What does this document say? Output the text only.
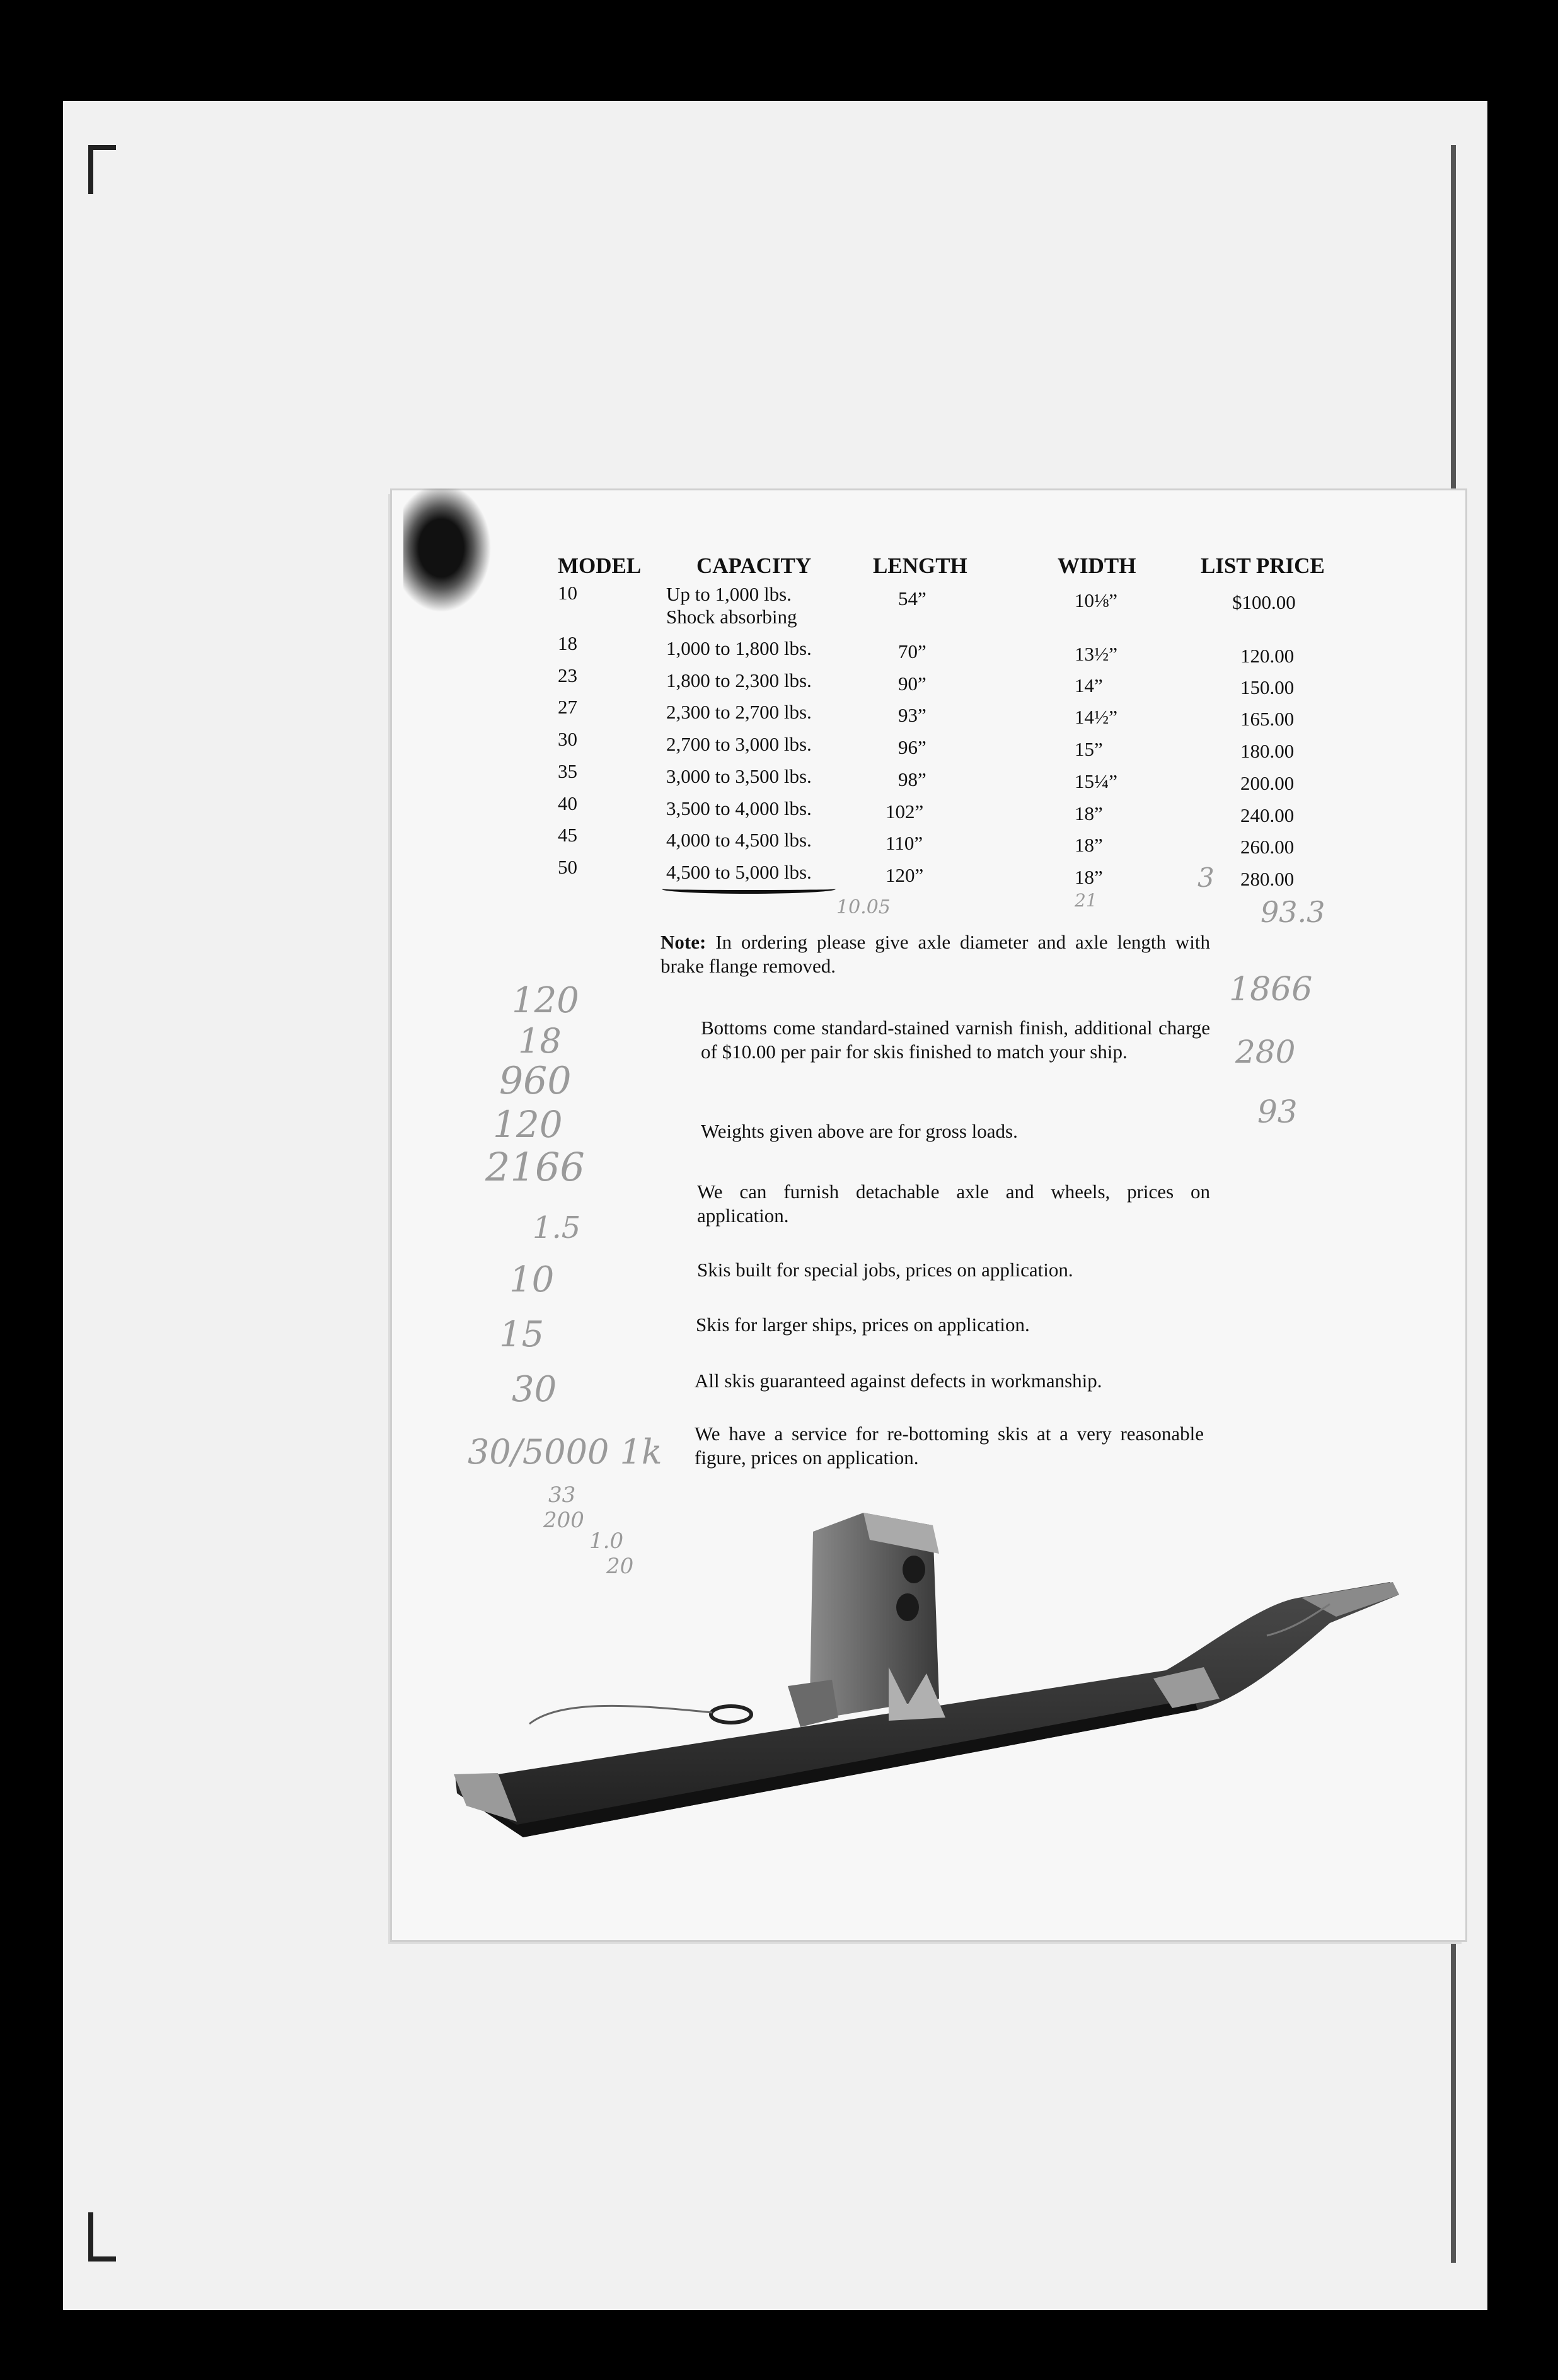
MODEL	CAPACITY	LENGTH	WIDTH	LIST PRICE
10	Up to 1,000 lbs.
Shock absorbing
54”	10⅛”	$100.00
18	1,000 to 1,800 lbs.	70”	13½”	120.00
23	1,800 to 2,300 lbs.	90”	14”	150.00
27	2,300 to 2,700 lbs.	93”	14½”	165.00
30	2,700 to 3,000 lbs.	96”	15”	180.00
35	3,000 to 3,500 lbs.	98”	15¼”	200.00
40	3,500 to 4,000 lbs.	102”	18”	240.00
45	4,000 to 4,500 lbs.	110”	18”	260.00
50	4,500 to 5,000 lbs.	120”	18”	280.00
Note: In ordering please give axle diameter and axle length with brake flange removed.
Bottoms come standard-stained varnish finish, additional charge of $10.00 per pair for skis finished to match your ship.
Weights given above are for gross loads.
We can furnish detachable axle and wheels, prices on application.
Skis built for special jobs, prices on application.
Skis for larger ships, prices on application.
All skis guaranteed against defects in workmanship.
We have a service for re-bottoming skis at a very reasonable figure, prices on application.
120
18
960
120
2166
1.5
10
15
30
30/5000 1k
33
200
1.0
20
3
93.3
1866
280
93
10.05	21
